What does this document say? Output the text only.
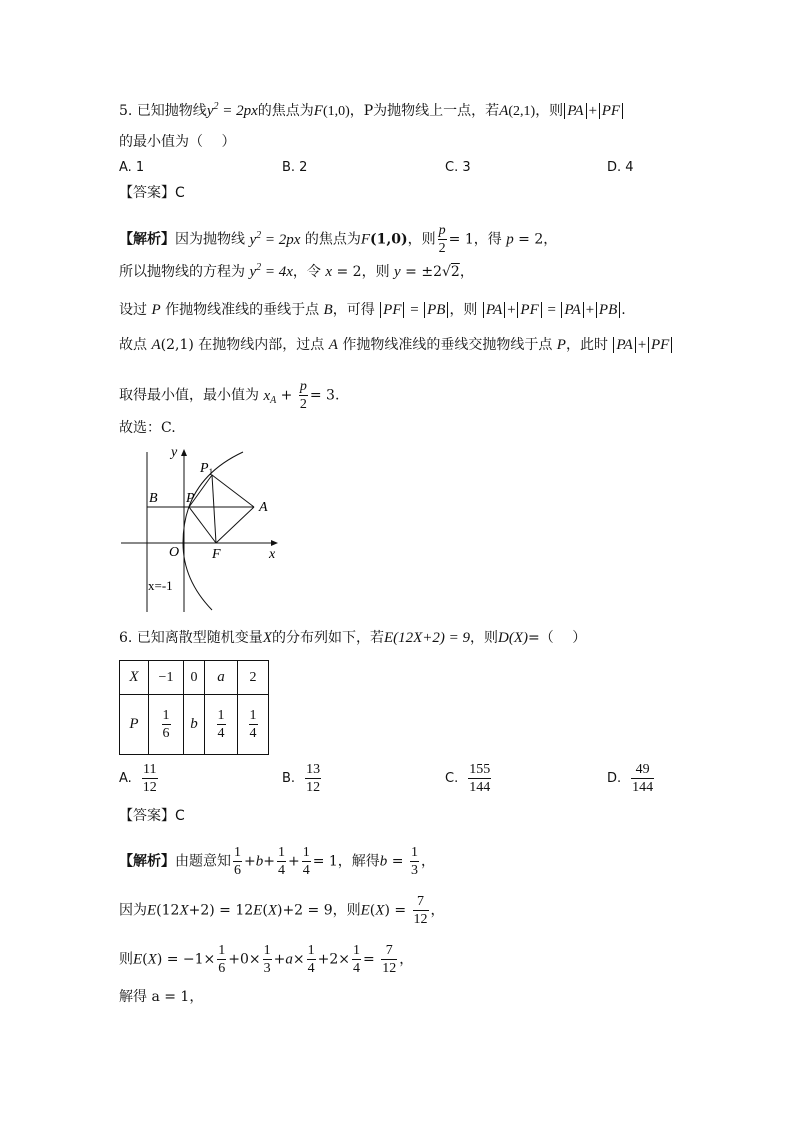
5. 已知抛物线$y^2 = 2px$的焦点为F(1,0)，P为抛物线上一点，若A(2,1)，则 PA + PF
的最小值为（　 ）
A. 1	B. 2	C. 3	D. 4
【答案】C
【解析】因为抛物线 $y^2 = 2px$ 的焦点为F(1,0)，则 $\frac{p}{2} = 1$，得 p = 2，
所以抛物线的方程为 $y^2 = 4x$，令 x = 2，则 y = ±2√2，
设过 P 作抛物线准线的垂线于点 B，可得 PF = PB ，则 PA + PF = PA + PB .
故点 A(2,1) 在抛物线内部，过点 A 作抛物线准线的垂线交抛物线于点 P，此时 PA + PF
取得最小值，最小值为 $x_A + \frac{p}{2} = 3$.
故选：C.
y
x
O
$P_1$
B P
A
F
x=-1
6. 已知离散型随机变量X的分布列如下，若E(12X+2) = 9，则D(X)=（　 ）
X	−1	0	a	2
P	$\frac{1}{6}$	b	$\frac{1}{4}$	$\frac{1}{4}$
A. $\frac{11}{12}$	B. $\frac{13}{12}$	C. $\frac{155}{144}$	D. $\frac{49}{144}$
【答案】C
【解析】由题意知 $\frac{1}{6} +b+ \frac{1}{4} + \frac{1}{4} = 1$，解得$b = \frac{1}{3}$ ，
因为E(12X+2) = 12E(X)+2 = 9，则$E(X) = \frac{7}{12}$ ，
则$E(X) = -1\times \frac{1}{6} +0\times \frac{1}{3} +a\times \frac{1}{4} +2\times \frac{1}{4} = \frac{7}{12}$ ，
解得 a = 1，
